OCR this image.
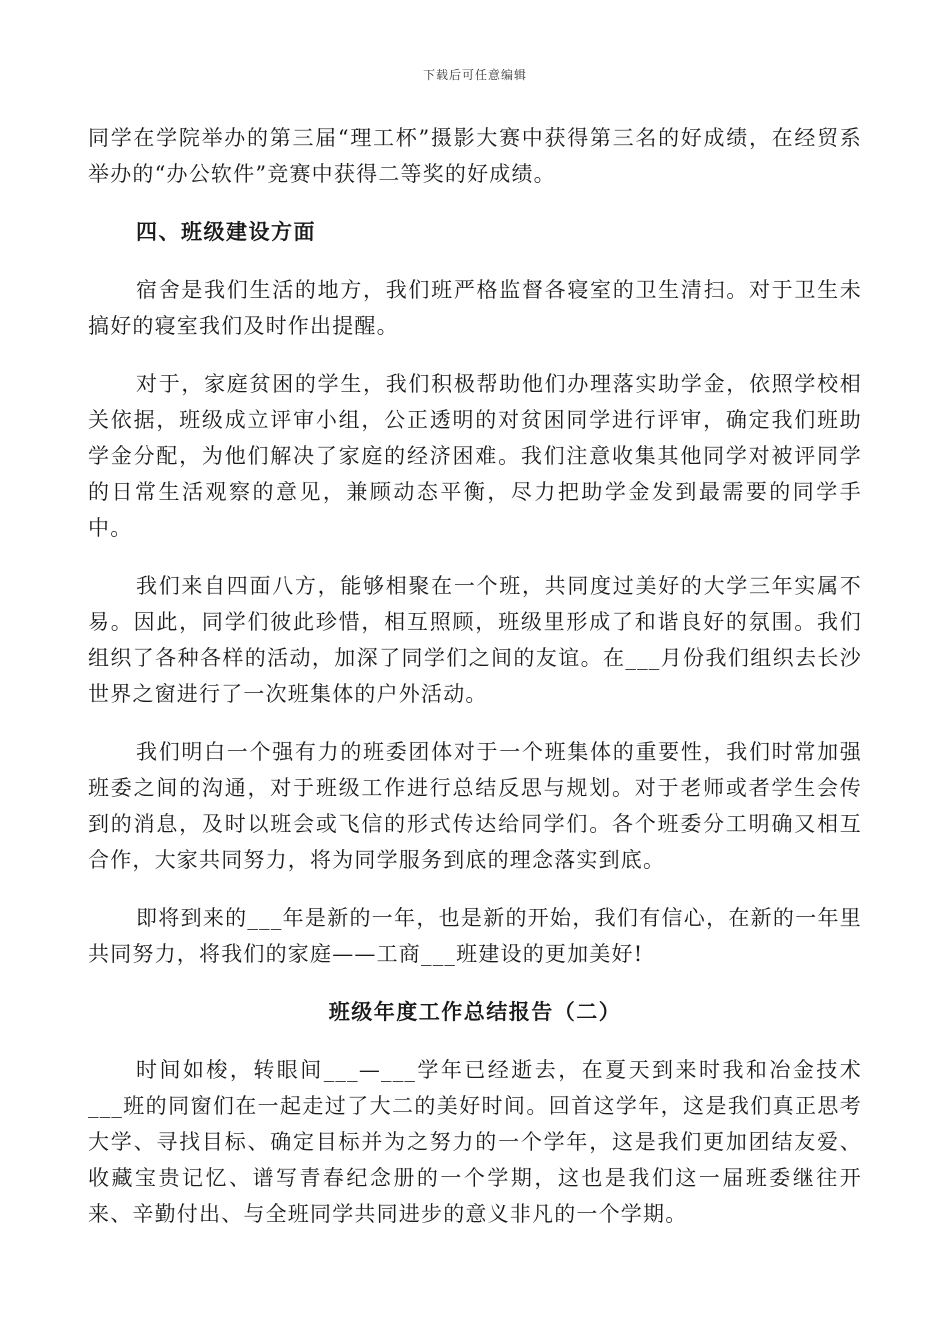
下载后可任意编辑

同学在学院举办的第三届“理工杯”摄影大赛中获得第三名的好成绩，在经贸系举办的“办公软件”竞赛中获得二等奖的好成绩。

四、班级建设方面

宿舍是我们生活的地方，我们班严格监督各寝室的卫生清扫。对于卫生未搞好的寝室我们及时作出提醒。

对于，家庭贫困的学生，我们积极帮助他们办理落实助学金，依照学校相关依据，班级成立评审小组，公正透明的对贫困同学进行评审，确定我们班助学金分配，为他们解决了家庭的经济困难。我们注意收集其他同学对被评同学的日常生活观察的意见，兼顾动态平衡，尽力把助学金发到最需要的同学手中。

我们来自四面八方，能够相聚在一个班，共同度过美好的大学三年实属不易。因此，同学们彼此珍惜，相互照顾，班级里形成了和谐良好的氛围。我们组织了各种各样的活动，加深了同学们之间的友谊。在___月份我们组织去长沙世界之窗进行了一次班集体的户外活动。

我们明白一个强有力的班委团体对于一个班集体的重要性，我们时常加强班委之间的沟通，对于班级工作进行总结反思与规划。对于老师或者学生会传到的消息，及时以班会或飞信的形式传达给同学们。各个班委分工明确又相互合作，大家共同努力，将为同学服务到底的理念落实到底。

即将到来的___年是新的一年，也是新的开始，我们有信心，在新的一年里共同努力，将我们的家庭——工商___班建设的更加美好!

班级年度工作总结报告（二）

时间如梭，转眼间___—___学年已经逝去，在夏天到来时我和冶金技术___班的同窗们在一起走过了大二的美好时间。回首这学年，这是我们真正思考大学、寻找目标、确定目标并为之努力的一个学年，这是我们更加团结友爱、收藏宝贵记忆、谱写青春纪念册的一个学期，这也是我们这一届班委继往开来、辛勤付出、与全班同学共同进步的意义非凡的一个学期。
